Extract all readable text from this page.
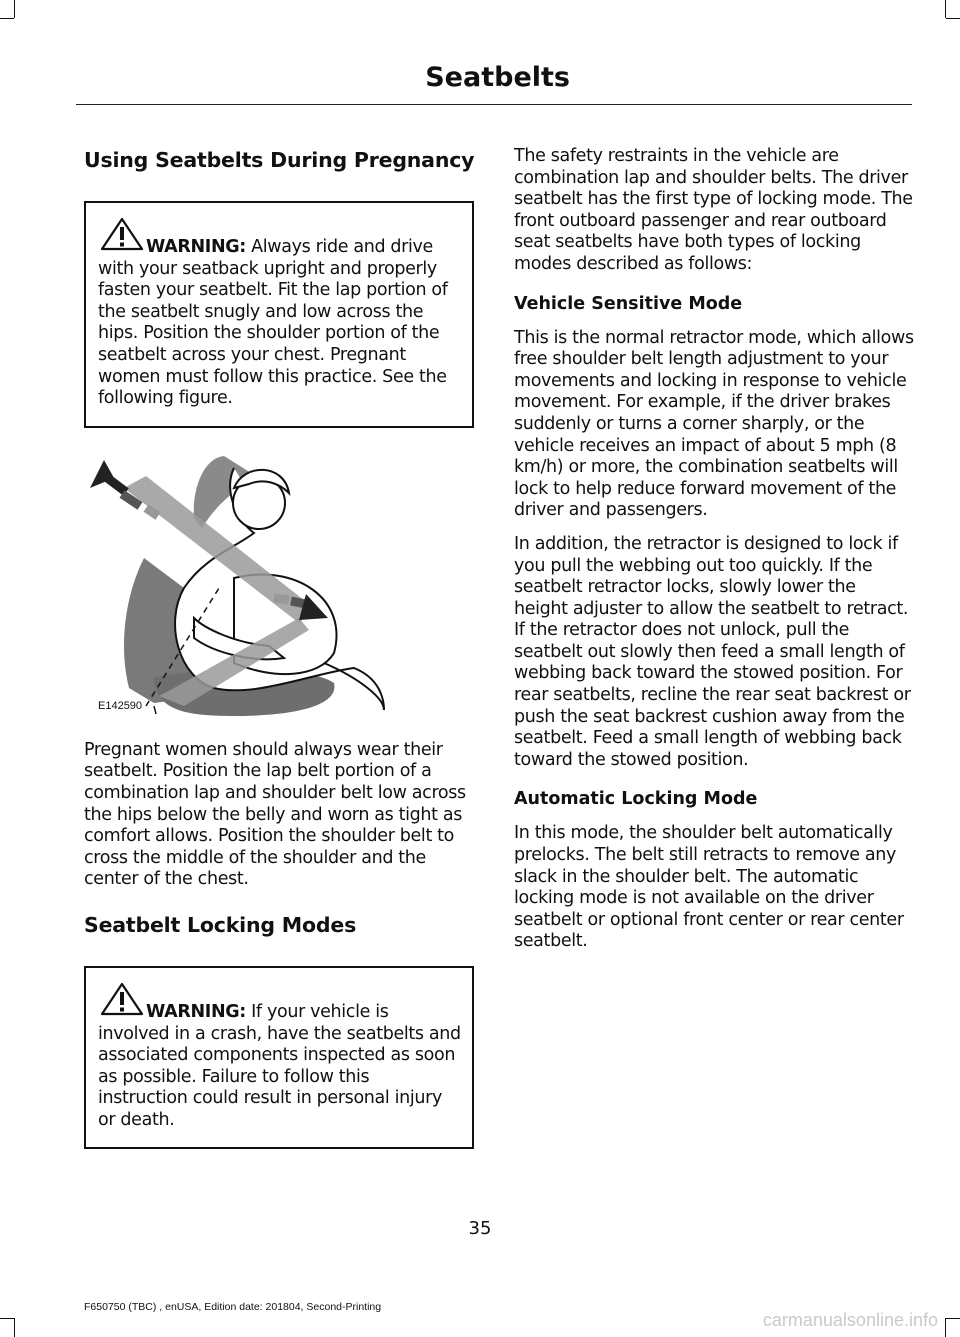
Seatbelts
Using Seatbelts During Pregnancy

WARNING: Always ride and drive with your seatback upright and properly fasten your seatbelt. Fit the lap portion of the seatbelt snugly and low across the hips. Position the shoulder portion of the seatbelt across your chest. Pregnant women must follow this practice. See the following figure.

E142590

Pregnant women should always wear their seatbelt. Position the lap belt portion of a combination lap and shoulder belt low across the hips below the belly and worn as tight as comfort allows. Position the shoulder belt to cross the middle of the shoulder and the center of the chest.

Seatbelt Locking Modes

WARNING: If your vehicle is involved in a crash, have the seatbelts and associated components inspected as soon as possible. Failure to follow this instruction could result in personal injury or death.

The safety restraints in the vehicle are combination lap and shoulder belts. The driver seatbelt has the first type of locking mode. The front outboard passenger and rear outboard seat seatbelts have both types of locking modes described as follows:

Vehicle Sensitive Mode

This is the normal retractor mode, which allows free shoulder belt length adjustment to your movements and locking in response to vehicle movement. For example, if the driver brakes suddenly or turns a corner sharply, or the vehicle receives an impact of about 5 mph (8 km/h) or more, the combination seatbelts will lock to help reduce forward movement of the driver and passengers.

In addition, the retractor is designed to lock if you pull the webbing out too quickly. If the seatbelt retractor locks, slowly lower the height adjuster to allow the seatbelt to retract. If the retractor does not unlock, pull the seatbelt out slowly then feed a small length of webbing back toward the stowed position. For rear seatbelts, recline the rear seat backrest or push the seat backrest cushion away from the seatbelt. Feed a small length of webbing back toward the stowed position.

Automatic Locking Mode

In this mode, the shoulder belt automatically prelocks. The belt still retracts to remove any slack in the shoulder belt. The automatic locking mode is not available on the driver seatbelt or optional front center or rear center seatbelt.

35
F650750 (TBC) , enUSA, Edition date: 201804, Second-Printing
carmanualsonline.info
